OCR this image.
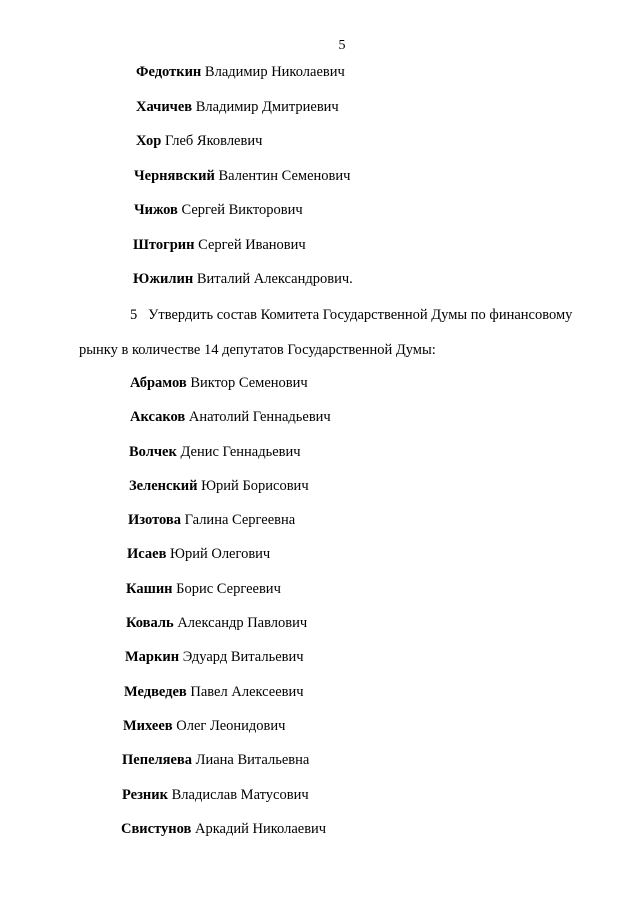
5
Федоткин Владимир Николаевич
Хачичев Владимир Дмитриевич
Хор Глеб Яковлевич
Чернявский Валентин Семенович
Чижов Сергей Викторович
Штогрин Сергей Иванович
Южилин Виталий Александрович.
5 Утвердить состав Комитета Государственной Думы по финансовому
рынку в количестве 14 депутатов Государственной Думы:
Абрамов Виктор Семенович
Аксаков Анатолий Геннадьевич
Волчек Денис Геннадьевич
Зеленский Юрий Борисович
Изотова Галина Сергеевна
Исаев Юрий Олегович
Кашин Борис Сергеевич
Коваль Александр Павлович
Маркин Эдуард Витальевич
Медведев Павел Алексеевич
Михеев Олег Леонидович
Пепеляева Лиана Витальевна
Резник Владислав Матусович
Свистунов Аркадий Николаевич
